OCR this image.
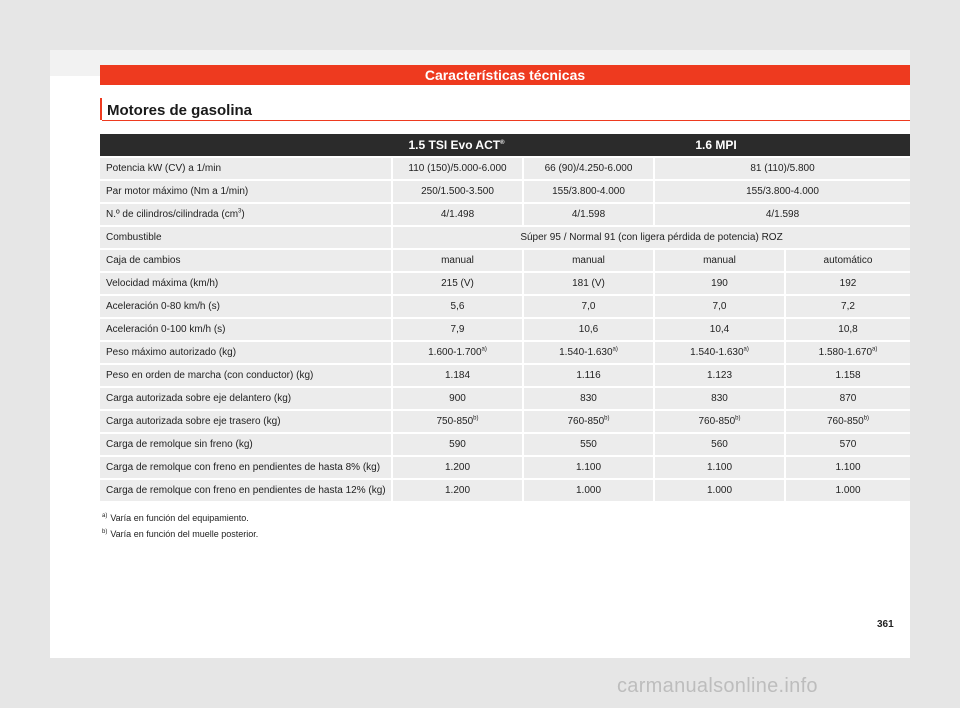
Características técnicas
Motores de gasolina
	1.5 TSI Evo ACT®	1.6 MPI		
Potencia kW (CV) a 1/min	110 (150)/5.000-6.000	66 (90)/4.250-6.000	81 (110)/5.800	
Par motor máximo (Nm a 1/min)	250/1.500-3.500	155/3.800-4.000	155/3.800-4.000	
N.º de cilindros/cilindrada $(cm^3)$	4/1.498	4/1.598	4/1.598	
Combustible	Súper 95 / Normal 91 (con ligera pérdida de potencia) ROZ			
Caja de cambios	manual	manual	manual	automático
Velocidad máxima (km/h)	215 (V)	181 (V)	190	192
Aceleración 0-80 km/h (s)	5,6	7,0	7,0	7,2
Aceleración 0-100 km/h (s)	7,9	10,6	10,4	10,8
Peso máximo autorizado (kg)	1.600-1.700$^{a)}$	1.540-1.630$^{a)}$	1.540-1.630$^{a)}$	1.580-1.670$^{a)}$
Peso en orden de marcha (con conductor) (kg)	1.184	1.116	1.123	1.158
Carga autorizada sobre eje delantero (kg)	900	830	830	870
Carga autorizada sobre eje trasero (kg)	750-850$^{b)}$	760-850$^{b)}$	760-850$^{b)}$	760-850$^{b)}$
Carga de remolque sin freno (kg)	590	550	560	570
Carga de remolque con freno en pendientes de hasta 8% (kg)	1.200	1.100	1.100	1.100
Carga de remolque con freno en pendientes de hasta 12% (kg)	1.200	1.000	1.000	1.000
$^{a)}$ Varía en función del equipamiento.
$^{b)}$ Varía en función del muelle posterior.
361
carmanualsonline.info
